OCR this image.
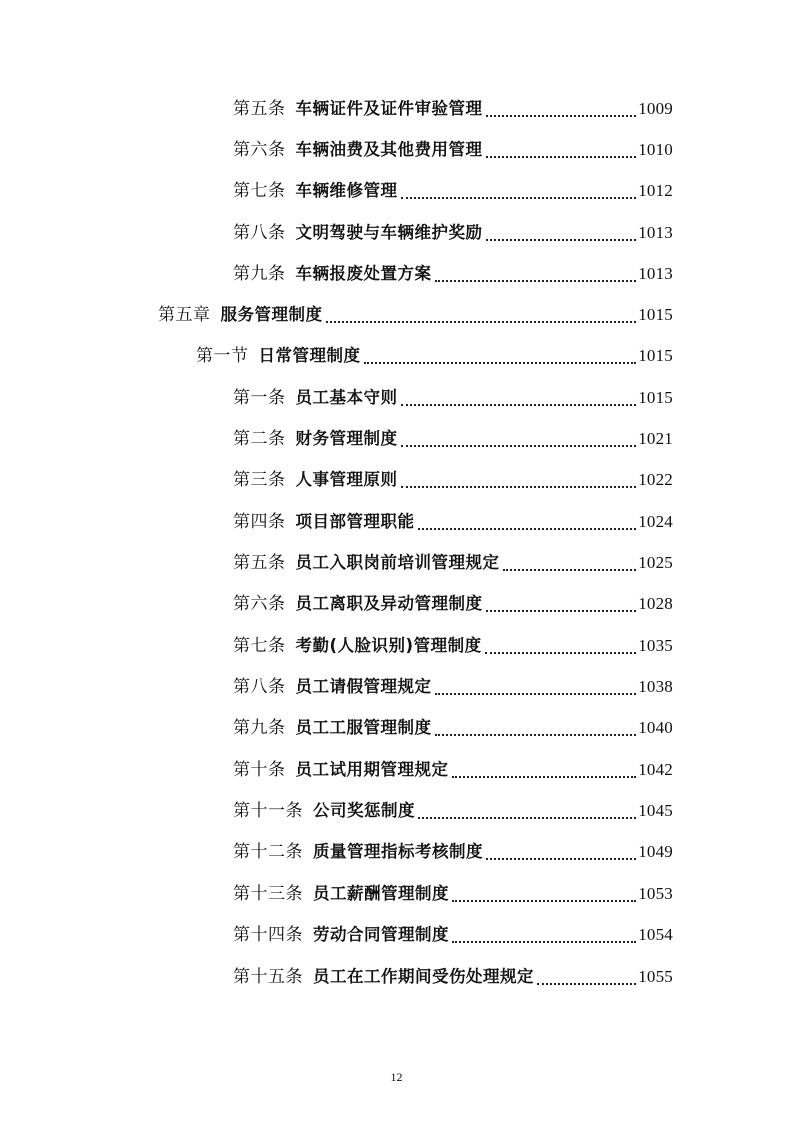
第五条 车辆证件及证件审验管理	1009
第六条 车辆油费及其他费用管理	1010
第七条 车辆维修管理	1012
第八条 文明驾驶与车辆维护奖励	1013
第九条 车辆报废处置方案	1013
第五章 服务管理制度	1015
第一节 日常管理制度	1015
第一条 员工基本守则	1015
第二条 财务管理制度	1021
第三条 人事管理原则	1022
第四条 项目部管理职能	1024
第五条 员工入职岗前培训管理规定	1025
第六条 员工离职及异动管理制度	1028
第七条 考勤(人脸识别)管理制度	1035
第八条 员工请假管理规定	1038
第九条 员工工服管理制度	1040
第十条 员工试用期管理规定	1042
第十一条 公司奖惩制度	1045
第十二条 质量管理指标考核制度	1049
第十三条 员工薪酬管理制度	1053
第十四条 劳动合同管理制度	1054
第十五条 员工在工作期间受伤处理规定	1055
12
